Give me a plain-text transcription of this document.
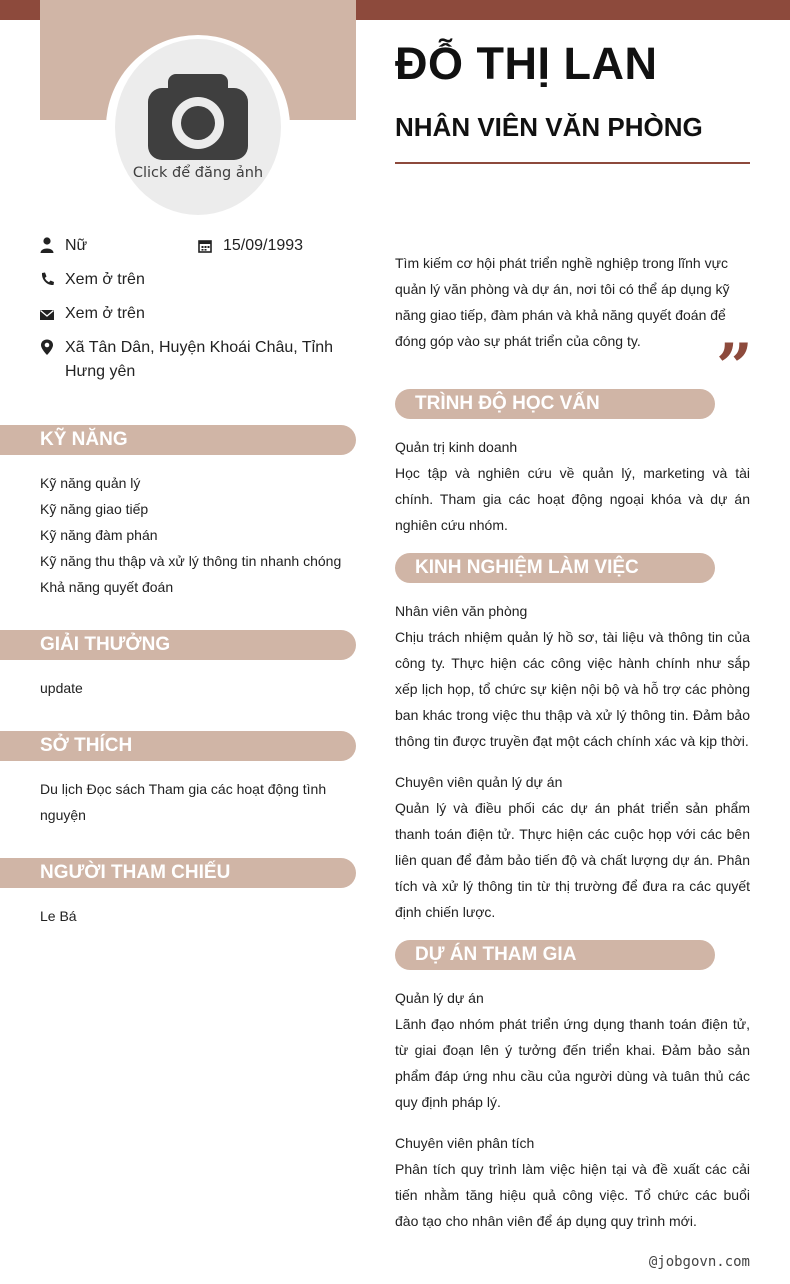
Click để đăng ảnh
Nữ	15/09/1993
Xem ở trên
Xem ở trên
Xã Tân Dân, Huyện Khoái Châu, Tỉnh Hưng yên
KỸ NĂNG
Kỹ năng quản lý
Kỹ năng giao tiếp
Kỹ năng đàm phán
Kỹ năng thu thập và xử lý thông tin nhanh chóng
Khả năng quyết đoán
GIẢI THƯỞNG
update
SỞ THÍCH
Du lịch Đọc sách Tham gia các hoạt động tình nguyện
NGƯỜI THAM CHIẾU
Le Bá
ĐỖ THỊ LAN
NHÂN VIÊN VĂN PHÒNG
Tìm kiếm cơ hội phát triển nghề nghiệp trong lĩnh vực quản lý văn phòng và dự án, nơi tôi có thể áp dụng kỹ năng giao tiếp, đàm phán và khả năng quyết đoán để đóng góp vào sự phát triển của công ty.	”
TRÌNH ĐỘ HỌC VẤN
Quản trị kinh doanh
Học tập và nghiên cứu về quản lý, marketing và tài chính. Tham gia các hoạt động ngoại khóa và dự án nghiên cứu nhóm.
KINH NGHIỆM LÀM VIỆC
Nhân viên văn phòng
Chịu trách nhiệm quản lý hồ sơ, tài liệu và thông tin của công ty. Thực hiện các công việc hành chính như sắp xếp lịch họp, tổ chức sự kiện nội bộ và hỗ trợ các phòng ban khác trong việc thu thập và xử lý thông tin. Đảm bảo thông tin được truyền đạt một cách chính xác và kịp thời.
Chuyên viên quản lý dự án
Quản lý và điều phối các dự án phát triển sản phẩm thanh toán điện tử. Thực hiện các cuộc họp với các bên liên quan để đảm bảo tiến độ và chất lượng dự án. Phân tích và xử lý thông tin từ thị trường để đưa ra các quyết định chiến lược.
DỰ ÁN THAM GIA
Quản lý dự án
Lãnh đạo nhóm phát triển ứng dụng thanh toán điện tử, từ giai đoạn lên ý tưởng đến triển khai. Đảm bảo sản phẩm đáp ứng nhu cầu của người dùng và tuân thủ các quy định pháp lý.
Chuyên viên phân tích
Phân tích quy trình làm việc hiện tại và đề xuất các cải tiến nhằm tăng hiệu quả công việc. Tổ chức các buổi đào tạo cho nhân viên để áp dụng quy trình mới.
@jobgovn.com
